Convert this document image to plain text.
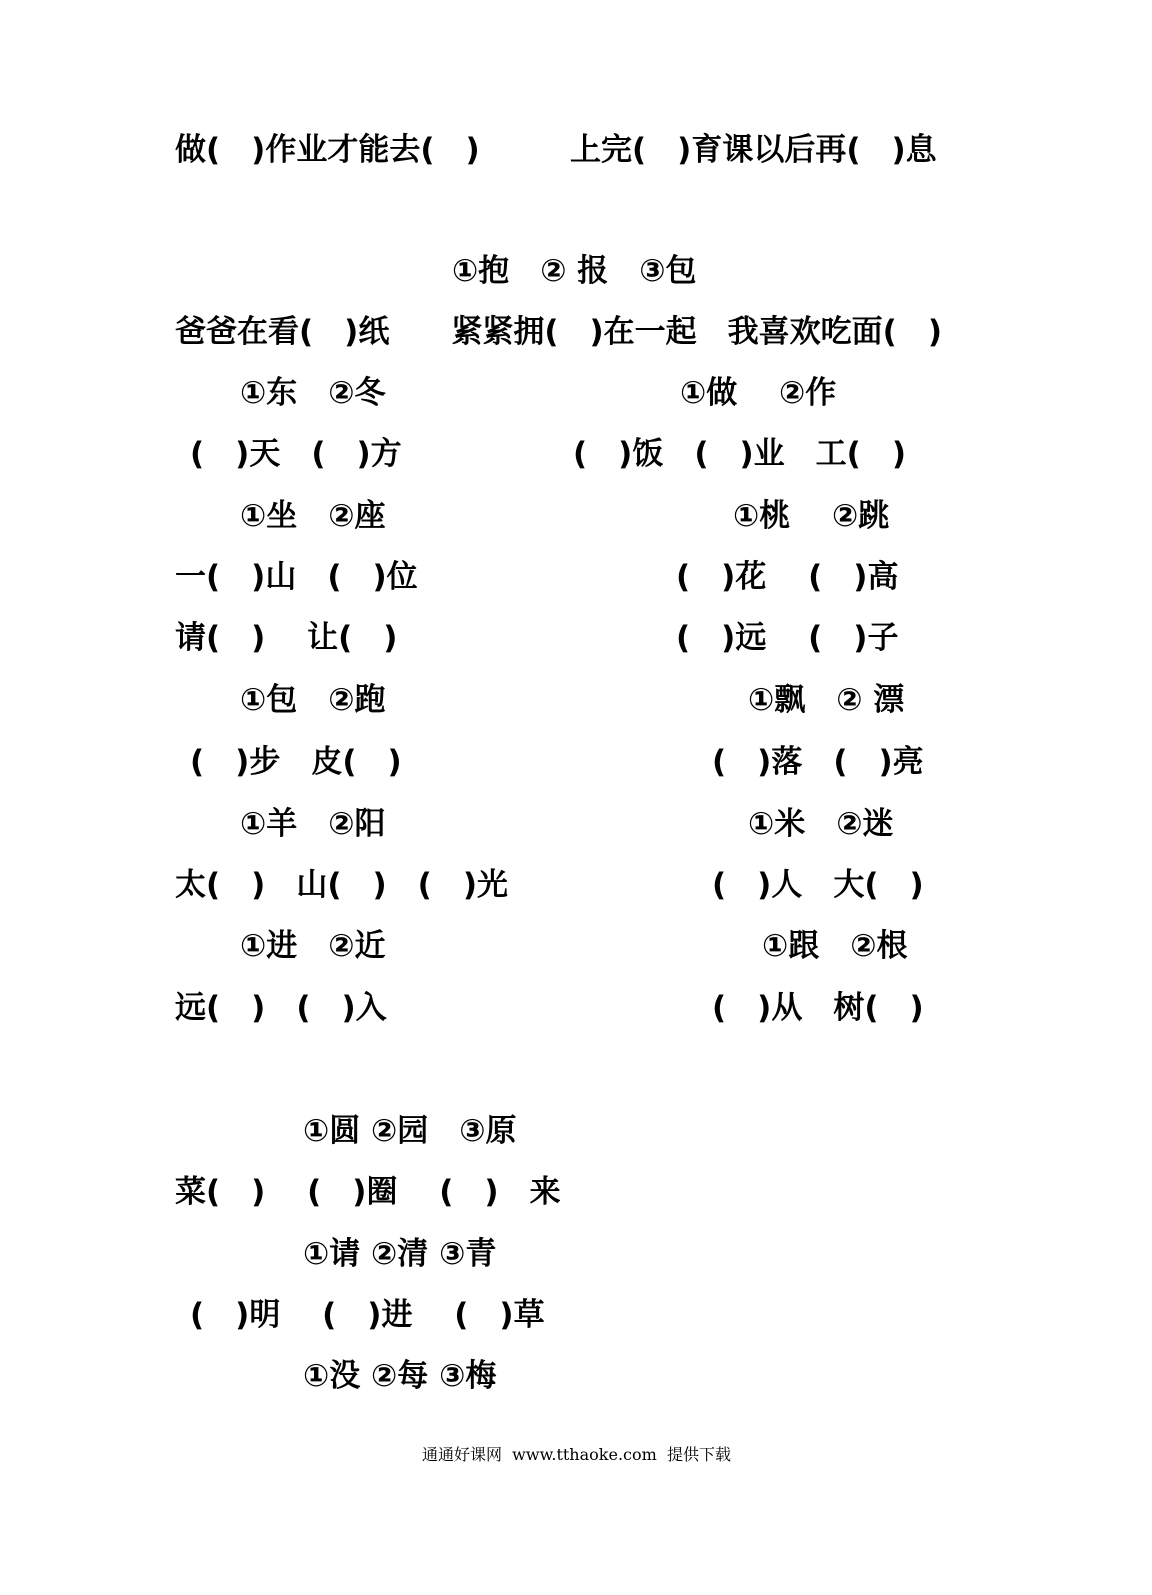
做(　)作业才能去(　)	上完(　)育课以后再(　)息
①抱　② 报　③包
爸爸在看(　)纸　　紧紧拥(　)在一起　我喜欢吃面(　)
①东　②冬	①做　 ②作
(　)天　(　)方	(　)饭　(　)业　工(　)
①坐　②座	①桃　 ②跳
一(　)山　(　)位	(　)花　 (　)高
请(　)　 让(　)	(　)远　 (　)子
①包　②跑	①飘　② 漂
(　)步　皮(　)	(　)落　(　)亮
①羊　②阳	①米　②迷
太(　)　山(　)　(　)光	(　)人　大(　)
①进　②近	①跟　②根
远(　)　(　)入	(　)从　树(　)
①圆 ②园　③原
菜(　)　 (　)圈　 (　)　来
①请 ②清 ③青
(　)明　 (　)进　 (　)草
①没 ②每 ③梅
通通好课网  www.tthaoke.com  提供下载
